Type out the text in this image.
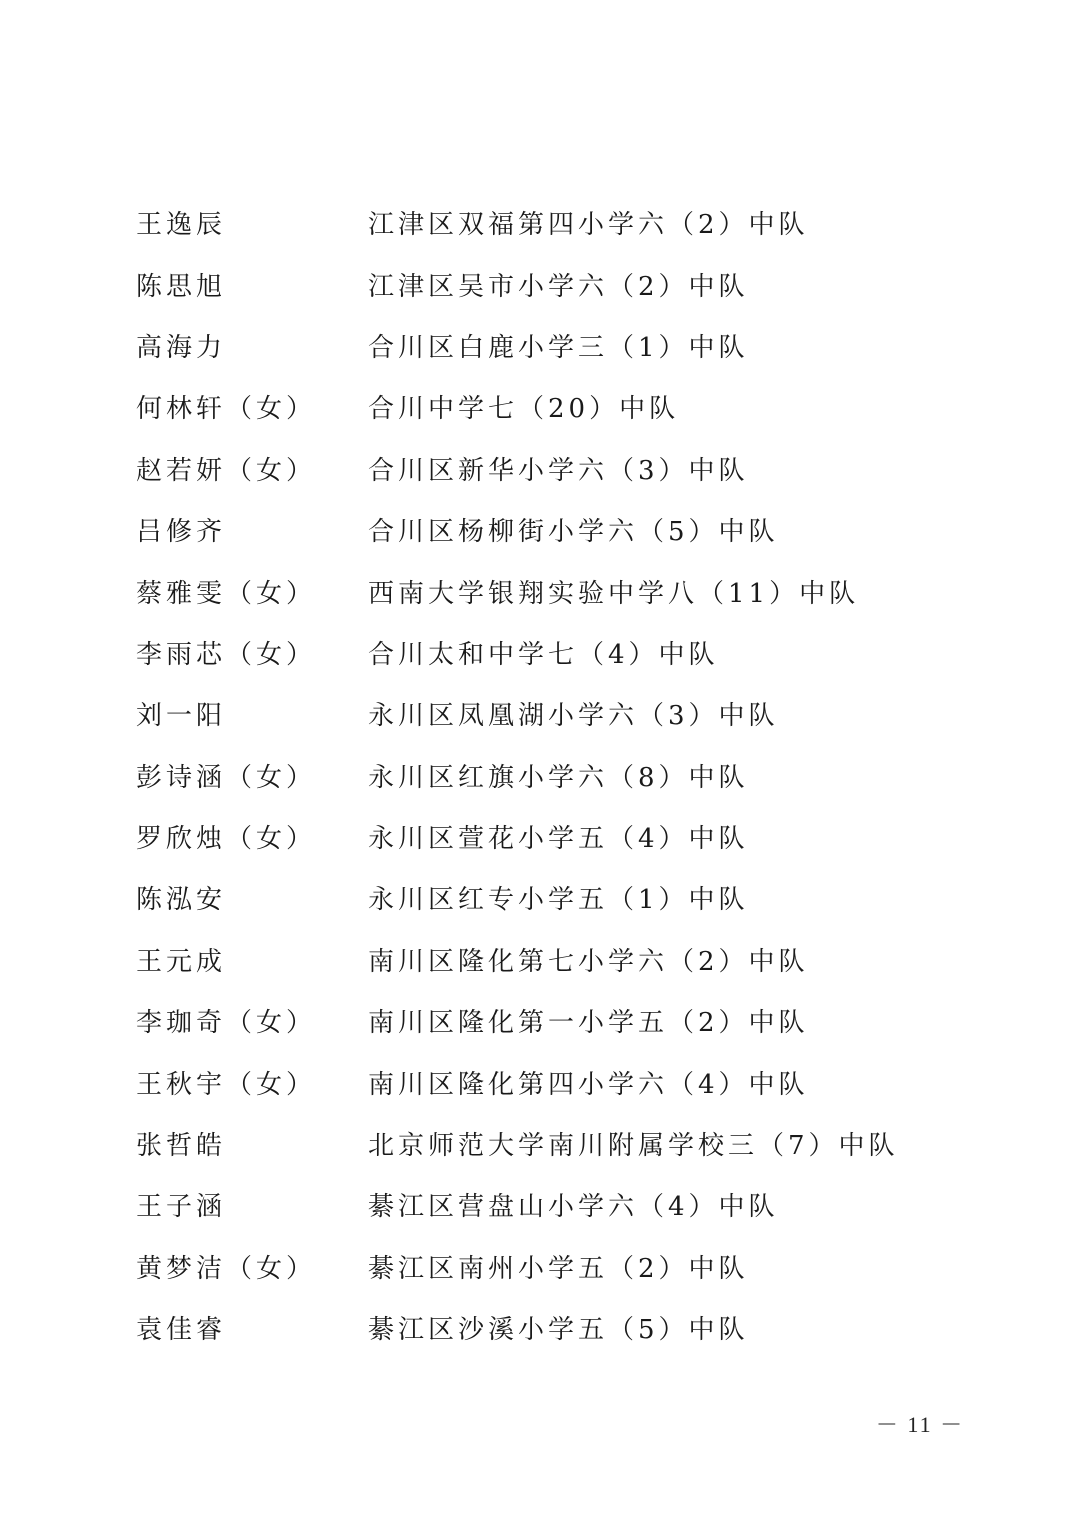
王逸辰	江津区双福第四小学六（2）中队
陈思旭	江津区吴市小学六（2）中队
高海力	合川区白鹿小学三（1）中队
何林轩（女）	合川中学七（20）中队
赵若妍（女）	合川区新华小学六（3）中队
吕修齐	合川区杨柳街小学六（5）中队
蔡雅雯（女）	西南大学银翔实验中学八（11）中队
李雨芯（女）	合川太和中学七（4）中队
刘一阳	永川区凤凰湖小学六（3）中队
彭诗涵（女）	永川区红旗小学六（8）中队
罗欣烛（女）	永川区萱花小学五（4）中队
陈泓安	永川区红专小学五（1）中队
王元成	南川区隆化第七小学六（2）中队
李珈奇（女）	南川区隆化第一小学五（2）中队
王秋宇（女）	南川区隆化第四小学六（4）中队
张哲皓	北京师范大学南川附属学校三（7）中队
王子涵	綦江区营盘山小学六（4）中队
黄梦洁（女）	綦江区南州小学五（2）中队
袁佳睿	綦江区沙溪小学五（5）中队
－ 11 －
